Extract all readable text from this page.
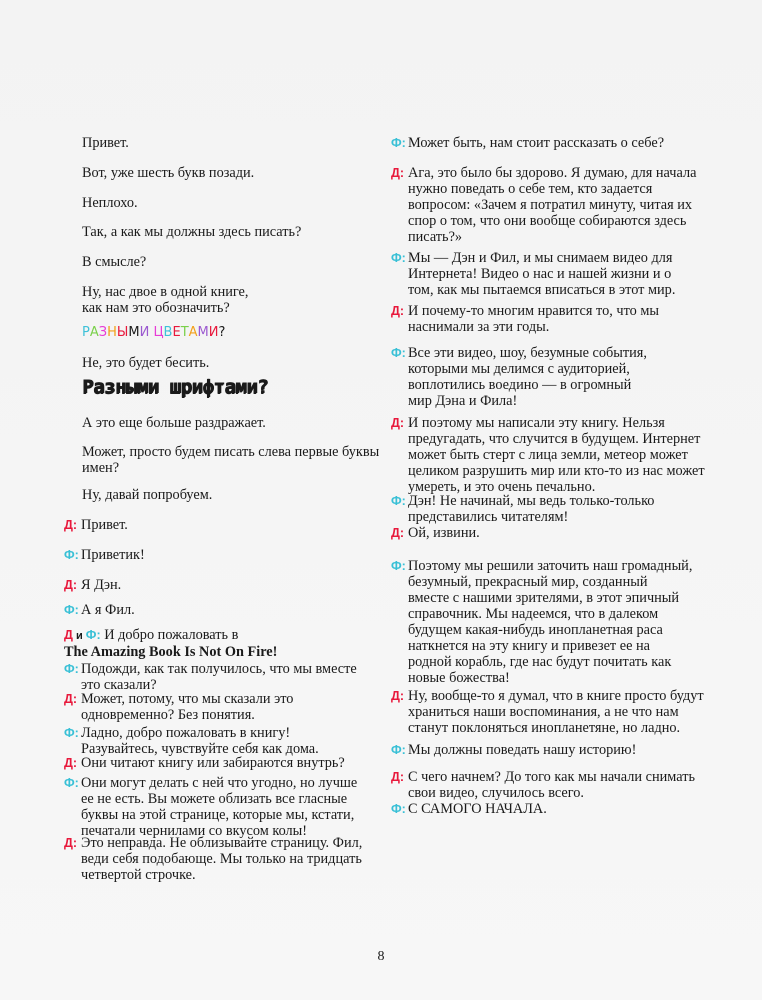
Привет.
Вот, уже шесть букв позади.
Неплохо.
Так, а как мы должны здесь писать?
В смысле?
Ну, нас двое в одной книге,
как нам это обозначить?
РАЗНЫМИ ЦВЕТАМИ?
Не, это будет бесить.
Разными шрифтами?
А это еще больше раздражает.
Может, просто будем писать слева первые буквы
имен?
Ну, давай попробуем.
Д: Привет.
Ф: Приветик!
Д: Я Дэн.
Ф: А я Фил.
Д и Ф: И добро пожаловать в
The Amazing Book Is Not On Fire!
Ф: Подожди, как так получилось, что мы вместе
это сказали?
Д: Может, потому, что мы сказали это
одновременно? Без понятия.
Ф: Ладно, добро пожаловать в книгу!
Разувайтесь, чувствуйте себя как дома.
Д: Они читают книгу или забираются внутрь?
Ф: Они могут делать с ней что угодно, но лучше
ее не есть. Вы можете облизать все гласные
буквы на этой странице, которые мы, кстати,
печатали чернилами со вкусом колы!
Д: Это неправда. Не облизывайте страницу. Фил,
веди себя подобающе. Мы только на тридцать
четвертой строчке.
Ф: Может быть, нам стоит рассказать о себе?
Д: Ага, это было бы здорово. Я думаю, для начала
нужно поведать о себе тем, кто задается
вопросом: «Зачем я потратил минуту, читая их
спор о том, что они вообще собираются здесь
писать?»
Ф: Мы — Дэн и Фил, и мы снимаем видео для
Интернета! Видео о нас и нашей жизни и о
том, как мы пытаемся вписаться в этот мир.
Д: И почему-то многим нравится то, что мы
наснимали за эти годы.
Ф: Все эти видео, шоу, безумные события,
которыми мы делимся с аудиторией,
воплотились воедино — в огромный
мир Дэна и Фила!
Д: И поэтому мы написали эту книгу. Нельзя
предугадать, что случится в будущем. Интернет
может быть стерт с лица земли, метеор может
целиком разрушить мир или кто-то из нас может
умереть, и это очень печально.
Ф: Дэн! Не начинай, мы ведь только-только
представились читателям!
Д: Ой, извини.
Ф: Поэтому мы решили заточить наш громадный,
безумный, прекрасный мир, созданный
вместе с нашими зрителями, в этот эпичный
справочник. Мы надеемся, что в далеком
будущем какая-нибудь инопланетная раса
наткнется на эту книгу и привезет ее на
родной корабль, где нас будут почитать как
новые божества!
Д: Ну, вообще-то я думал, что в книге просто будут
храниться наши воспоминания, а не что нам
станут поклоняться инопланетяне, но ладно.
Ф: Мы должны поведать нашу историю!
Д: С чего начнем? До того как мы начали снимать
свои видео, случилось всего.
Ф: С САМОГО НАЧАЛА.
8
